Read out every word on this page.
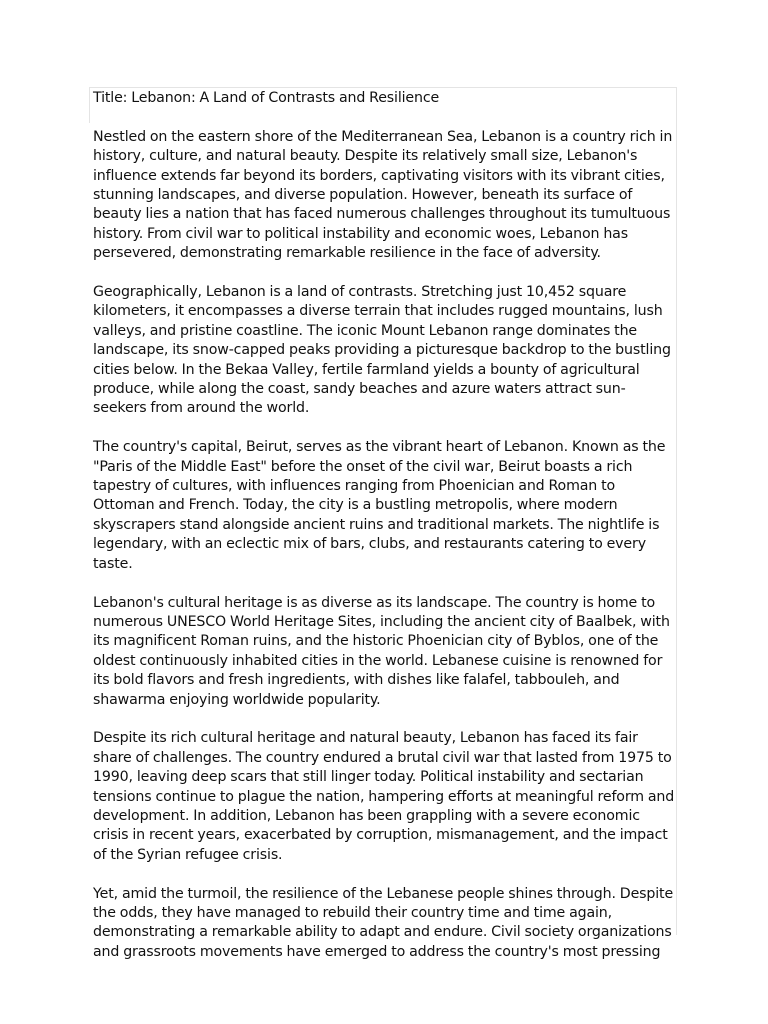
Title: Lebanon: A Land of Contrasts and Resilience

Nestled on the eastern shore of the Mediterranean Sea, Lebanon is a country rich in history, culture, and natural beauty. Despite its relatively small size, Lebanon's influence extends far beyond its borders, captivating visitors with its vibrant cities, stunning landscapes, and diverse population. However, beneath its surface of beauty lies a nation that has faced numerous challenges throughout its tumultuous history. From civil war to political instability and economic woes, Lebanon has persevered, demonstrating remarkable resilience in the face of adversity.

Geographically, Lebanon is a land of contrasts. Stretching just 10,452 square kilometers, it encompasses a diverse terrain that includes rugged mountains, lush valleys, and pristine coastline. The iconic Mount Lebanon range dominates the landscape, its snow-capped peaks providing a picturesque backdrop to the bustling cities below. In the Bekaa Valley, fertile farmland yields a bounty of agricultural produce, while along the coast, sandy beaches and azure waters attract sun-seekers from around the world.

The country's capital, Beirut, serves as the vibrant heart of Lebanon. Known as the "Paris of the Middle East" before the onset of the civil war, Beirut boasts a rich tapestry of cultures, with influences ranging from Phoenician and Roman to Ottoman and French. Today, the city is a bustling metropolis, where modern skyscrapers stand alongside ancient ruins and traditional markets. The nightlife is legendary, with an eclectic mix of bars, clubs, and restaurants catering to every taste.

Lebanon's cultural heritage is as diverse as its landscape. The country is home to numerous UNESCO World Heritage Sites, including the ancient city of Baalbek, with its magnificent Roman ruins, and the historic Phoenician city of Byblos, one of the oldest continuously inhabited cities in the world. Lebanese cuisine is renowned for its bold flavors and fresh ingredients, with dishes like falafel, tabbouleh, and shawarma enjoying worldwide popularity.

Despite its rich cultural heritage and natural beauty, Lebanon has faced its fair share of challenges. The country endured a brutal civil war that lasted from 1975 to 1990, leaving deep scars that still linger today. Political instability and sectarian tensions continue to plague the nation, hampering efforts at meaningful reform and development. In addition, Lebanon has been grappling with a severe economic crisis in recent years, exacerbated by corruption, mismanagement, and the impact of the Syrian refugee crisis.

Yet, amid the turmoil, the resilience of the Lebanese people shines through. Despite the odds, they have managed to rebuild their country time and time again, demonstrating a remarkable ability to adapt and endure. Civil society organizations and grassroots movements have emerged to address the country's most pressing
